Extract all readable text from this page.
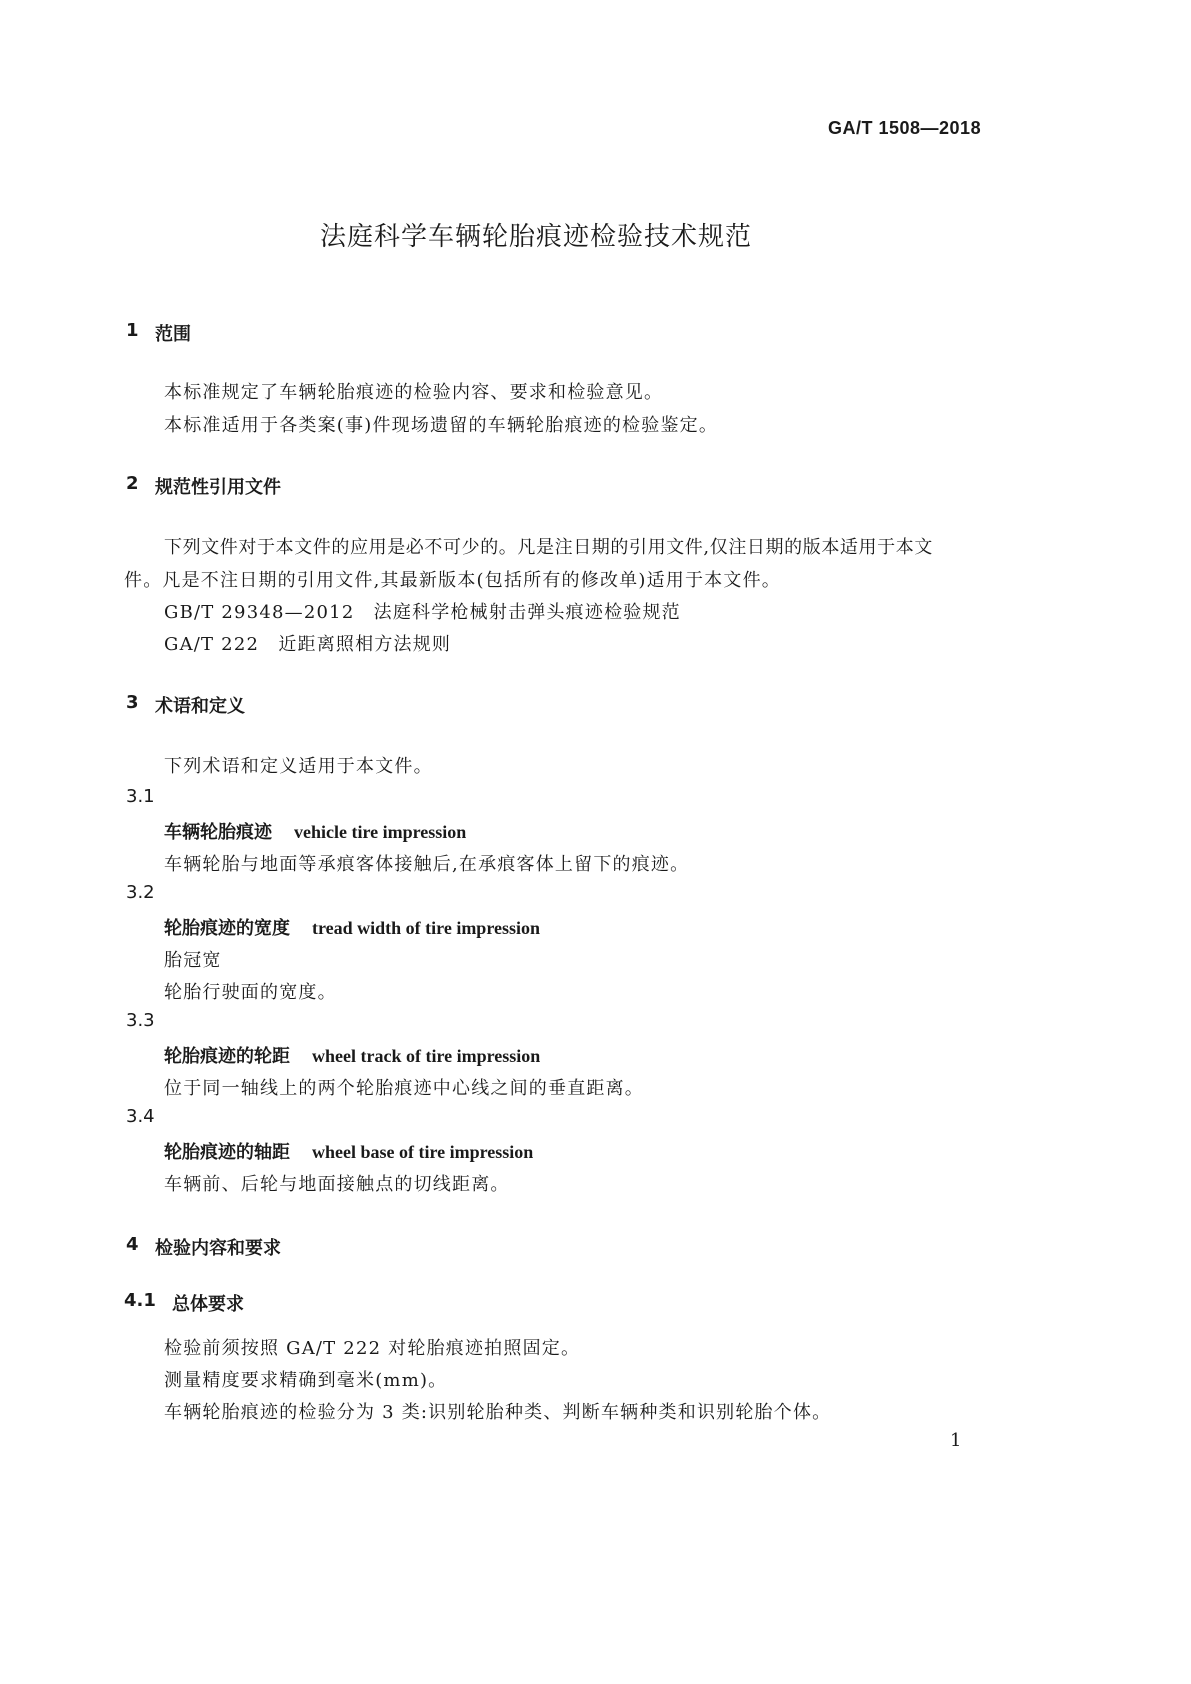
GA/T 1508—2018
法庭科学车辆轮胎痕迹检验技术规范
1 范围
本标准规定了车辆轮胎痕迹的检验内容、要求和检验意见。
本标准适用于各类案(事)件现场遗留的车辆轮胎痕迹的检验鉴定。
2 规范性引用文件
下列文件对于本文件的应用是必不可少的。凡是注日期的引用文件,仅注日期的版本适用于本文
件。凡是不注日期的引用文件,其最新版本(包括所有的修改单)适用于本文件。
GB/T 29348—2012　法庭科学枪械射击弹头痕迹检验规范
GA/T 222　近距离照相方法规则
3 术语和定义
下列术语和定义适用于本文件。
3.1
车辆轮胎痕迹 vehicle tire impression
车辆轮胎与地面等承痕客体接触后,在承痕客体上留下的痕迹。
3.2
轮胎痕迹的宽度 tread width of tire impression
胎冠宽
轮胎行驶面的宽度。
3.3
轮胎痕迹的轮距 wheel track of tire impression
位于同一轴线上的两个轮胎痕迹中心线之间的垂直距离。
3.4
轮胎痕迹的轴距 wheel base of tire impression
车辆前、后轮与地面接触点的切线距离。
4 检验内容和要求
4.1 总体要求
检验前须按照 GA/T 222 对轮胎痕迹拍照固定。
测量精度要求精确到毫米(mm)。
车辆轮胎痕迹的检验分为 3 类:识别轮胎种类、判断车辆种类和识别轮胎个体。
1
